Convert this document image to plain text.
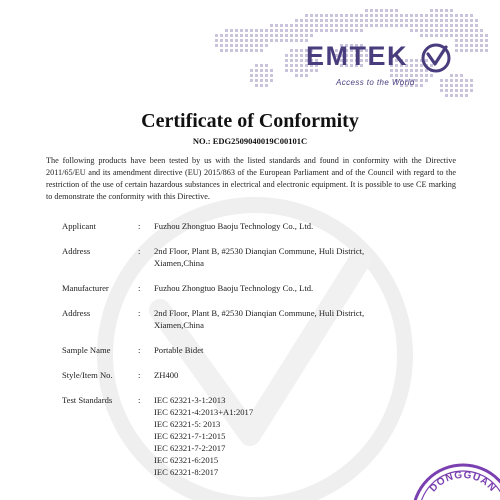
EMTEK
Access to the World
Certificate of Conformity
NO.: EDG2509040019C00101C
The following products have been tested by us with the listed standards and found in conformity with the Directive 2011/65/EU and its amendment directive (EU) 2015/863 of the European Parliament and of the Council with regard to the restriction of the use of certain hazardous substances in electrical and electronic equipment. It is possible to use CE marking to demonstrate the conformity with this Directive.
Applicant	:	Fuzhou Zhongtuo Baoju Technology Co., Ltd.
Address	:	2nd Floor, Plant B, #2530 Dianqian Commune, Huli District,
Xiamen,China
Manufacturer	:	Fuzhou Zhongtuo Baoju Technology Co., Ltd.
Address	:	2nd Floor, Plant B, #2530 Dianqian Commune, Huli District,
Xiamen,China
Sample Name	:	Portable Bidet
Style/Item No.	:	ZH400
Test Standards	:	IEC 62321-3-1:2013
IEC 62321-4:2013+A1:2017
IEC 62321-5: 2013
IEC 62321-7-1:2015
IEC 62321-7-2:2017
IEC 62321-6:2015
IEC 62321-8:2017
DONGGUAN
